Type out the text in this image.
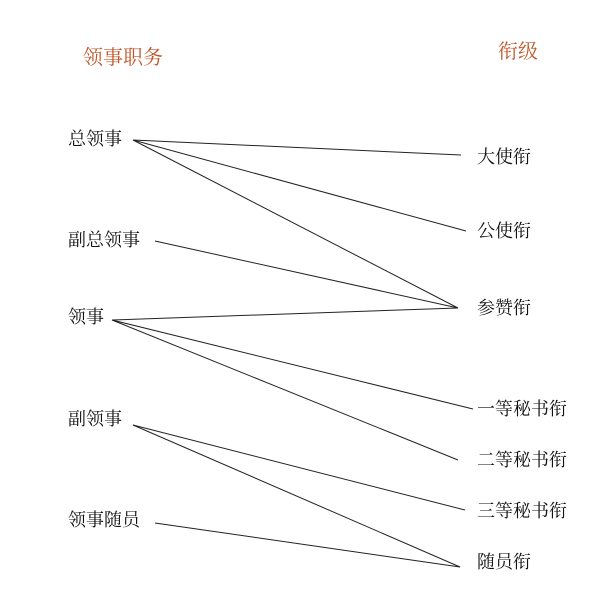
领事职务	衔级
总领事
副总领事
领事
副领事
领事随员
大使衔
公使衔
参赞衔
一等秘书衔
二等秘书衔
三等秘书衔
随员衔
